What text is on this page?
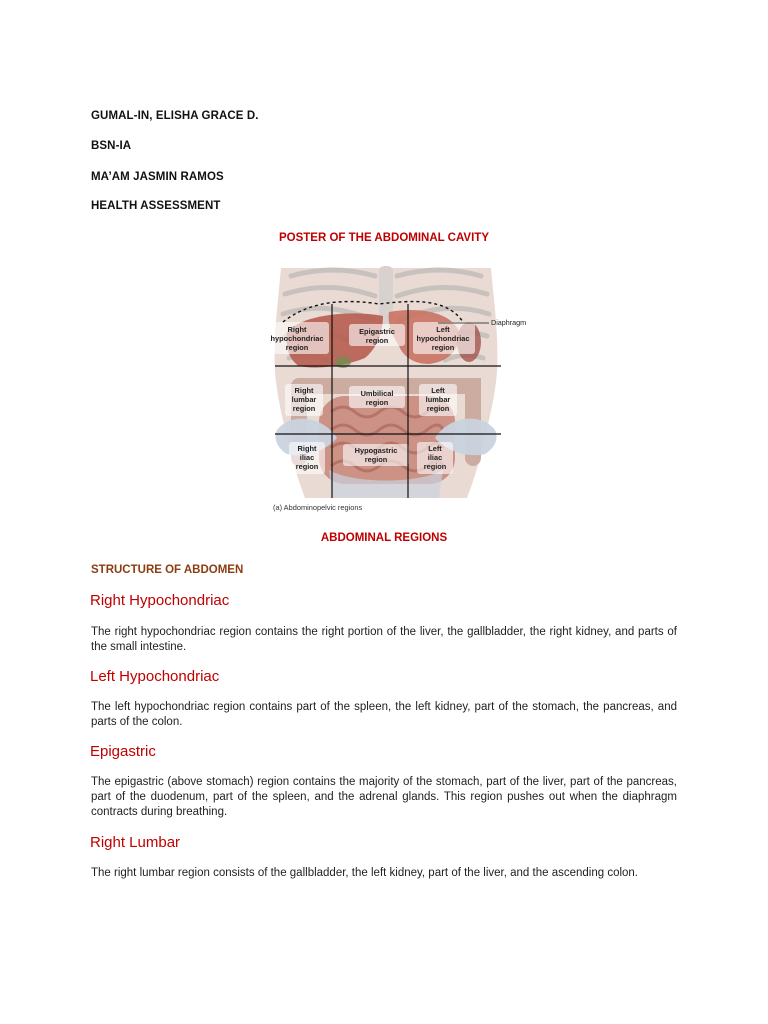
GUMAL-IN, ELISHA GRACE D.
BSN-IA
MA’AM JASMIN RAMOS
HEALTH ASSESSMENT
POSTER OF THE ABDOMINAL CAVITY
Diaphragm
Right
hypochondriac
region
Epigastric
region
Left
hypochondriac
region
Right
lumbar
region
Umbilical
region
Left
lumbar
region
Right
iliac
region
Hypogastric
region
Left
iliac
region
(a) Abdominopelvic regions
ABDOMINAL REGIONS
STRUCTURE OF ABDOMEN
Right Hypochondriac
The right hypochondriac region contains the right portion of the liver, the gallbladder, the right kidney, and parts of the small intestine.
Left Hypochondriac
The left hypochondriac region contains part of the spleen, the left kidney, part of the stomach, the pancreas, and parts of the colon.
Epigastric
The epigastric (above stomach) region contains the majority of the stomach, part of the liver, part of the pancreas, part of the duodenum, part of the spleen, and the adrenal glands. This region pushes out when the diaphragm contracts during breathing.
Right Lumbar
The right lumbar region consists of the gallbladder, the left kidney, part of the liver, and the ascending colon.
